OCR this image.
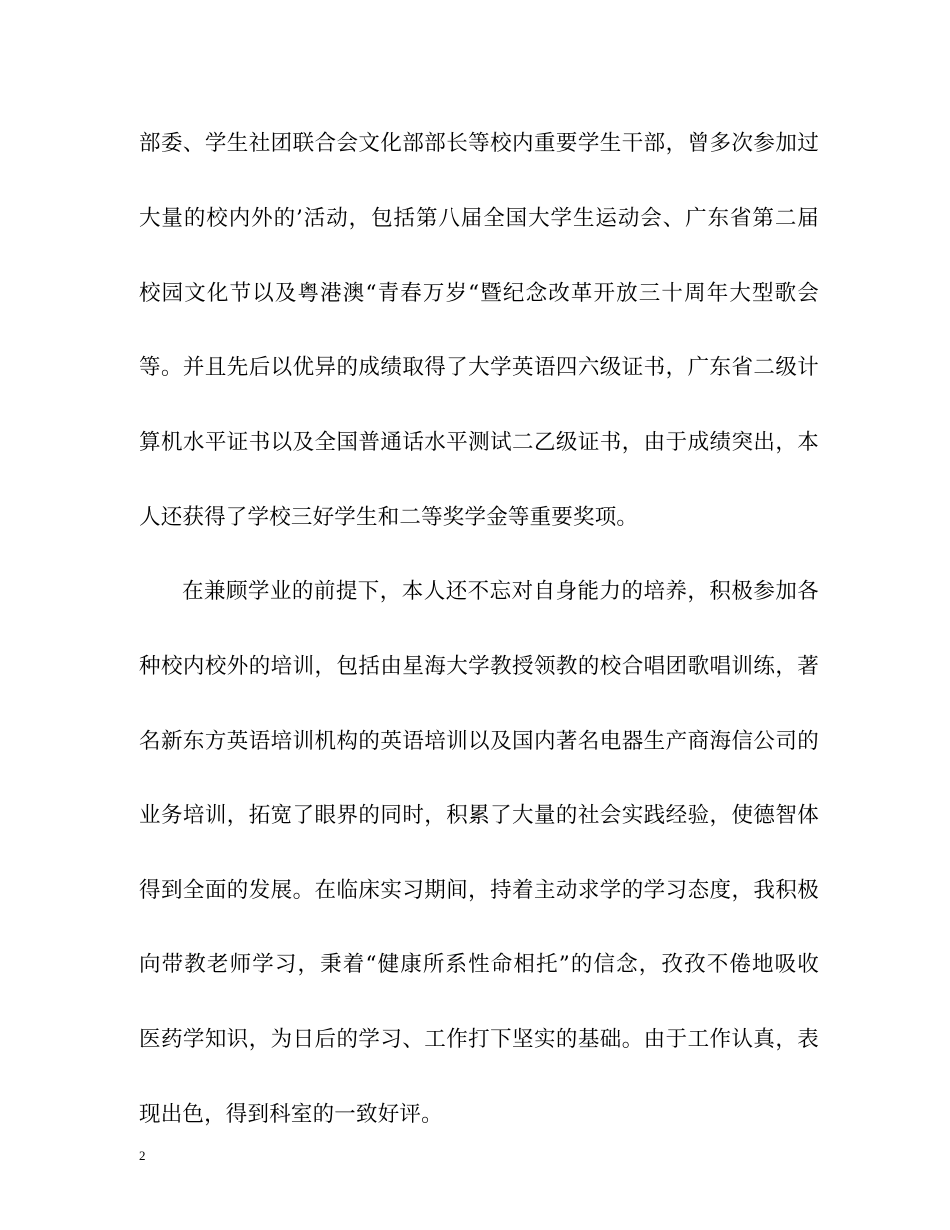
部委、学生社团联合会文化部部长等校内重要学生干部，曾多次参加过
大量的校内外的’活动，包括第八届全国大学生运动会、广东省第二届
校园文化节以及粤港澳“青春万岁“暨纪念改革开放三十周年大型歌会
等。并且先后以优异的成绩取得了大学英语四六级证书，广东省二级计
算机水平证书以及全国普通话水平测试二乙级证书，由于成绩突出，本
人还获得了学校三好学生和二等奖学金等重要奖项。
在兼顾学业的前提下，本人还不忘对自身能力的培养，积极参加各
种校内校外的培训，包括由星海大学教授领教的校合唱团歌唱训练，著
名新东方英语培训机构的英语培训以及国内著名电器生产商海信公司的
业务培训，拓宽了眼界的同时，积累了大量的社会实践经验，使德智体
得到全面的发展。在临床实习期间，持着主动求学的学习态度，我积极
向带教老师学习，秉着“健康所系性命相托”的信念，孜孜不倦地吸收
医药学知识，为日后的学习、工作打下坚实的基础。由于工作认真，表
现出色，得到科室的一致好评。
2
